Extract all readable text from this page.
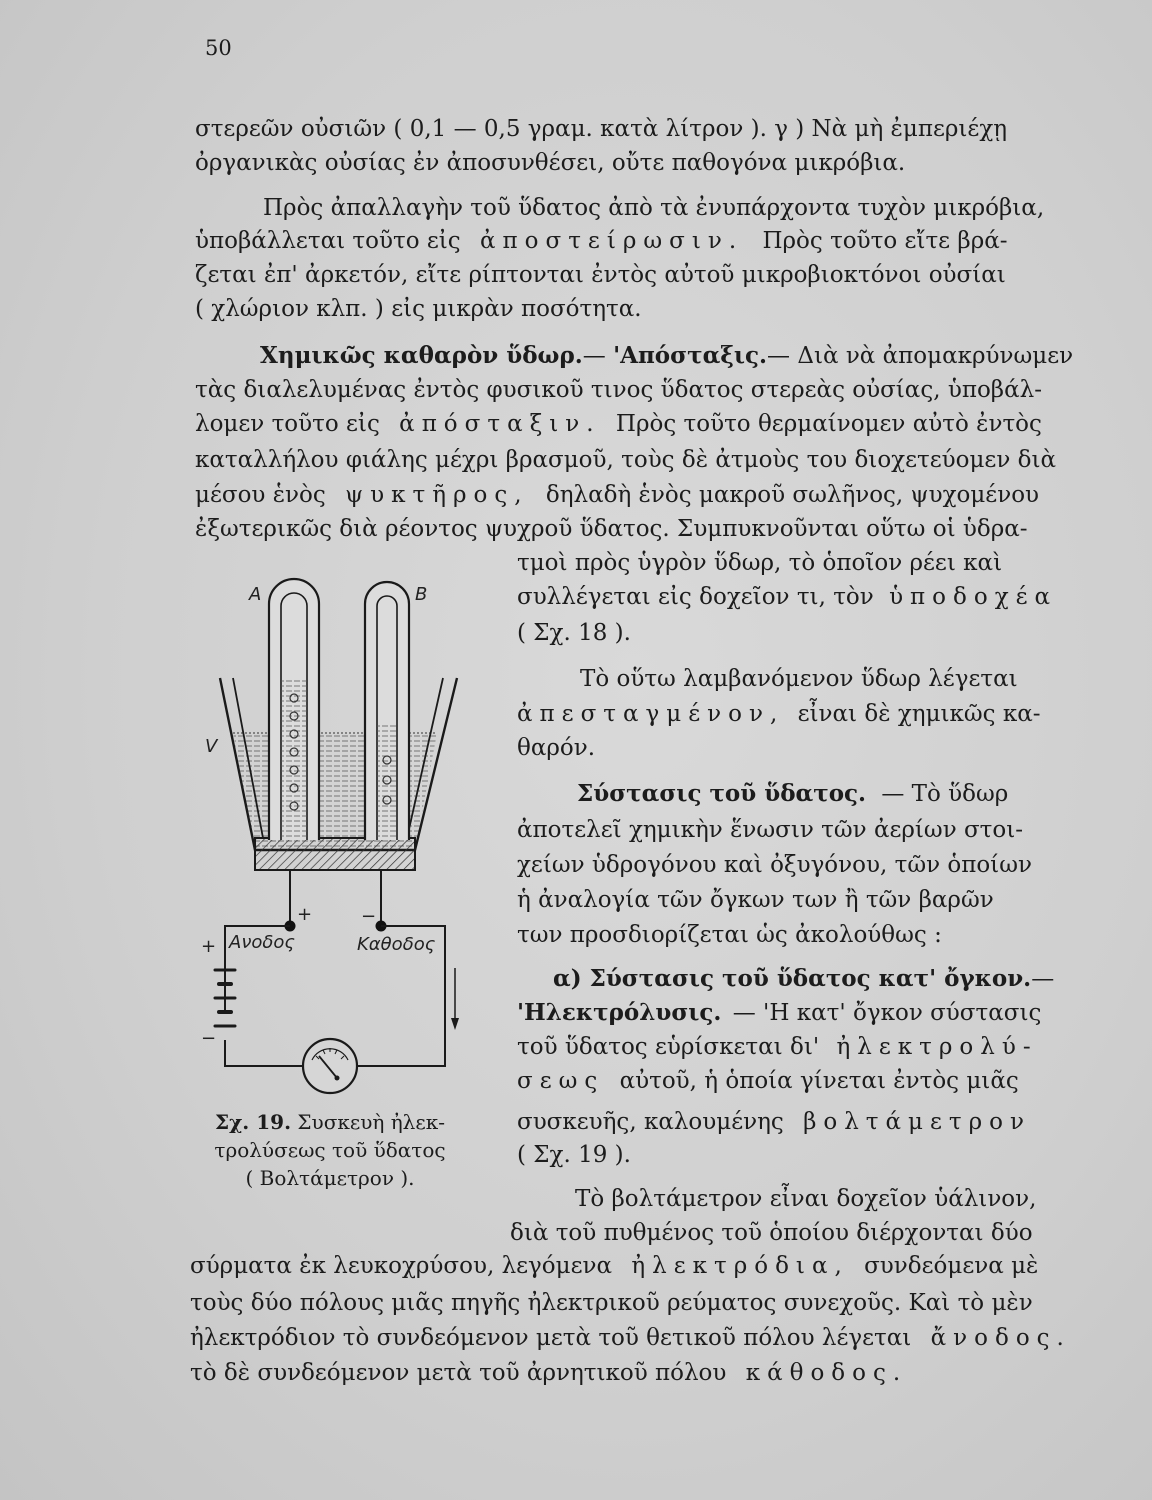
50
στερεῶν οὐσιῶν ( 0,1 — 0,5 γραμ. κατὰ λίτρον ). γ ) Νὰ μὴ ἐμπεριέχῃ
ὀργανικὰς οὐσίας ἐν ἀποσυνθέσει, οὔτε παθογόνα μικρόβια.
Πρὸς ἀπαλλαγὴν τοῦ ὕδατος ἀπὸ τὰ ἐνυπάρχοντα τυχὸν μικρόβια,
ὑποβάλλεται τοῦτο εἰς ἀποστείρωσιν. Πρὸς τοῦτο εἴτε βρά-
ζεται ἐπ' ἀρκετόν, εἴτε ρίπτονται ἐντὸς αὐτοῦ μικροβιοκτόνοι οὐσίαι
( χλώριον κλπ. ) εἰς μικρὰν ποσότητα.
Χημικῶς καθαρὸν ὕδωρ.— 'Απόσταξις.— Διὰ νὰ ἀπομακρύνωμεν
τὰς διαλελυμένας ἐντὸς φυσικοῦ τινος ὕδατος στερεὰς οὐσίας, ὑποβάλ-
λομεν τοῦτο εἰς ἀπόσταξιν. Πρὸς τοῦτο θερμαίνομεν αὐτὸ ἐντὸς
καταλλήλου φιάλης μέχρι βρασμοῦ, τοὺς δὲ ἀτμοὺς του διοχετεύομεν διὰ
μέσου ἑνὸς ψυκτῆρος, δηλαδὴ ἑνὸς μακροῦ σωλῆνος, ψυχομένου
ἐξωτερικῶς διὰ ρέοντος ψυχροῦ ὕδατος. Συμπυκνοῦνται οὕτω οἱ ὑδρα-
τμοὶ πρὸς ὑγρὸν ὕδωρ, τὸ ὁποῖον ρέει καὶ
συλλέγεται εἰς δοχεῖον τι, τὸν ὑποδοχέα
( Σχ. 18 ).
Τὸ οὕτω λαμβανόμενον ὕδωρ λέγεται
ἀπεσταγμένον, εἶναι δὲ χημικῶς κα-
θαρόν.
Σύστασις τοῦ ὕδατος. — Τὸ ὕδωρ
ἀποτελεῖ χημικὴν ἕνωσιν τῶν ἀερίων στοι-
χείων ὑδρογόνου καὶ ὀξυγόνου, τῶν ὁποίων
ἡ ἀναλογία τῶν ὄγκων των ἢ τῶν βαρῶν
των προσδιορίζεται ὡς ἀκολούθως :
α) Σύστασις τοῦ ὕδατος κατ' ὄγκον.—
'Ηλεκτρόλυσις. — 'Η κατ' ὄγκον σύστασις
τοῦ ὕδατος εὑρίσκεται δι' ἠλεκτρολύ-
σεως αὐτοῦ, ἡ ὁποία γίνεται ἐντὸς μιᾶς
συσκευῆς, καλουμένης βολτάμετρον
( Σχ. 19 ).
Τὸ βολτάμετρον εἶναι δοχεῖον ὑάλινον,
διὰ τοῦ πυθμένος τοῦ ὁποίου διέρχονται δύο
σύρματα ἐκ λευκοχρύσου, λεγόμενα ἠλεκτρόδια, συνδεόμενα μὲ
τοὺς δύο πόλους μιᾶς πηγῆς ἠλεκτρικοῦ ρεύματος συνεχοῦς. Καὶ τὸ μὲν
ἠλεκτρόδιον τὸ συνδεόμενον μετὰ τοῦ θετικοῦ πόλου λέγεται ἄνοδος.
τὸ δὲ συνδεόμενον μετὰ τοῦ ἀρνητικοῦ πόλου κάθοδος.
A	B
V
+	−
+
−
Ανοδος	Καθοδος
Σχ. 19. Συσκευὴ ἠλεκ-
τρολύσεως τοῦ ὕδατος
( Βολτάμετρον ).
